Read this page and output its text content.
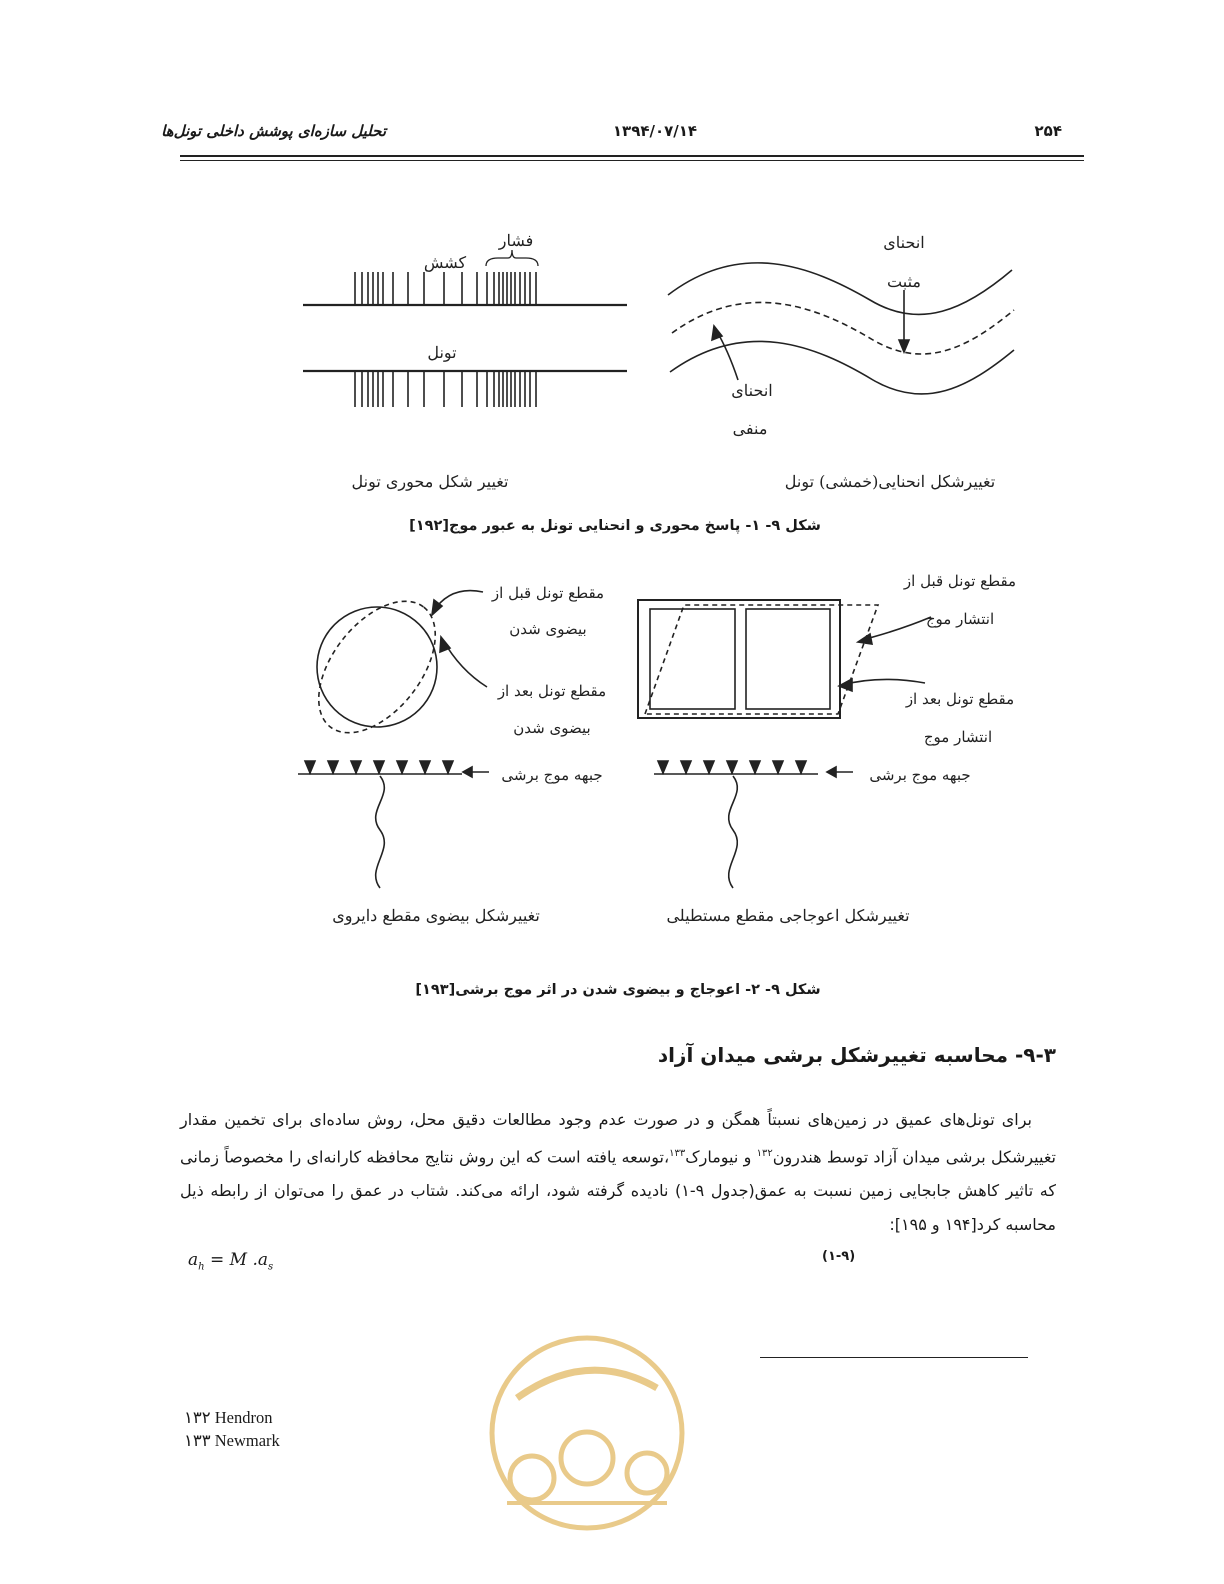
تحلیل سازه‌ای پوشش داخلی تونل‌ها	۱۳۹۴/۰۷/۱۴	۲۵۴
فشار
کشش
تونل
تغییر شکل محوری تونل
انحنای
مثبت
انحنای
منفی
تغییرشکل انحنایی(خمشی) تونل
شکل ۹- ۱- پاسخ محوری و انحنایی تونل به عبور موج[۱۹۲]
مقطع تونل قبل از
بیضوی شدن
مقطع تونل بعد از
بیضوی شدن
جبهه موج برشی
تغییرشکل بیضوی مقطع دایروی
مقطع تونل قبل از
انتشار موج
مقطع تونل بعد از
انتشار موج
جبهه موج برشی
تغییرشکل اعوجاجی مقطع مستطیلی
شکل ۹- ۲- اعوجاج و بیضوی شدن در اثر موج برشی[۱۹۳]
۹-۳- محاسبه تغییرشکل برشی میدان آزاد

برای تونل‌های عمیق در زمین‌های نسبتاً همگن و در صورت عدم وجود مطالعات دقیق محل، روش ساده‌ای برای تخمین مقدار تغییرشکل برشی میدان آزاد توسط هندرون$^{۱۳۲}$ و نیومارک$^{۱۳۳}$،توسعه یافته است که این روش نتایج محافظه کارانه‌ای را مخصوصاً زمانی که تاثیر کاهش جابجایی زمین نسبت به عمق(جدول ۹-۱) نادیده گرفته شود، ارائه می‌کند. شتاب در عمق را می‌توان از رابطه ذیل محاسبه کرد[۱۹۴ و ۱۹۵]:

$a_h = M$ $.a_s$
(۱-۹)
۱۳۲ Hendron
۱۳۳ Newmark
